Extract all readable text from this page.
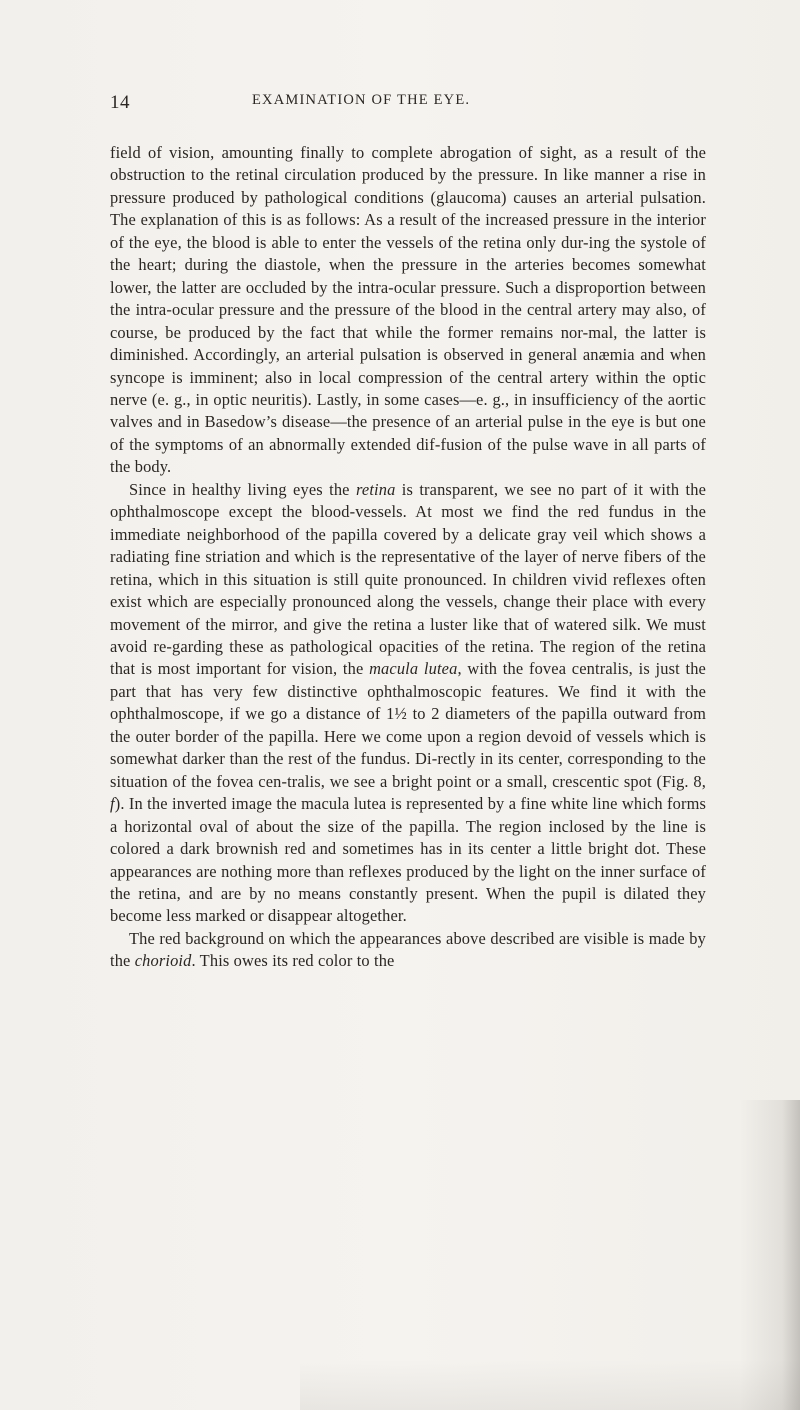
14	EXAMINATION OF THE EYE.

field of vision, amounting finally to complete abrogation of sight, as a result of the obstruction to the retinal circulation produced by the pressure. In like manner a rise in pressure produced by pathological conditions (glaucoma) causes an arterial pulsation. The explanation of this is as follows: As a result of the increased pressure in the interior of the eye, the blood is able to enter the vessels of the retina only dur-ing the systole of the heart; during the diastole, when the pressure in the arteries becomes somewhat lower, the latter are occluded by the intra-ocular pressure. Such a disproportion between the intra-ocular pressure and the pressure of the blood in the central artery may also, of course, be produced by the fact that while the former remains nor-mal, the latter is diminished. Accordingly, an arterial pulsation is observed in general anæmia and when syncope is imminent; also in local compression of the central artery within the optic nerve (e. g., in optic neuritis). Lastly, in some cases—e. g., in insufficiency of the aortic valves and in Basedow’s disease—the presence of an arterial pulse in the eye is but one of the symptoms of an abnormally extended dif-fusion of the pulse wave in all parts of the body.

Since in healthy living eyes the retina is transparent, we see no part of it with the ophthalmoscope except the blood-vessels. At most we find the red fundus in the immediate neighborhood of the papilla covered by a delicate gray veil which shows a radiating fine striation and which is the representative of the layer of nerve fibers of the retina, which in this situation is still quite pronounced. In children vivid reflexes often exist which are especially pronounced along the vessels, change their place with every movement of the mirror, and give the retina a luster like that of watered silk. We must avoid re-garding these as pathological opacities of the retina. The region of the retina that is most important for vision, the macula lutea, with the fovea centralis, is just the part that has very few distinctive ophthalmoscopic features. We find it with the ophthalmoscope, if we go a distance of 1½ to 2 diameters of the papilla outward from the outer border of the papilla. Here we come upon a region devoid of vessels which is somewhat darker than the rest of the fundus. Di-rectly in its center, corresponding to the situation of the fovea cen-tralis, we see a bright point or a small, crescentic spot (Fig. 8, f). In the inverted image the macula lutea is represented by a fine white line which forms a horizontal oval of about the size of the papilla. The region inclosed by the line is colored a dark brownish red and sometimes has in its center a little bright dot. These appearances are nothing more than reflexes produced by the light on the inner surface of the retina, and are by no means constantly present. When the pupil is dilated they become less marked or disappear altogether.

The red background on which the appearances above described are visible is made by the chorioid. This owes its red color to the
